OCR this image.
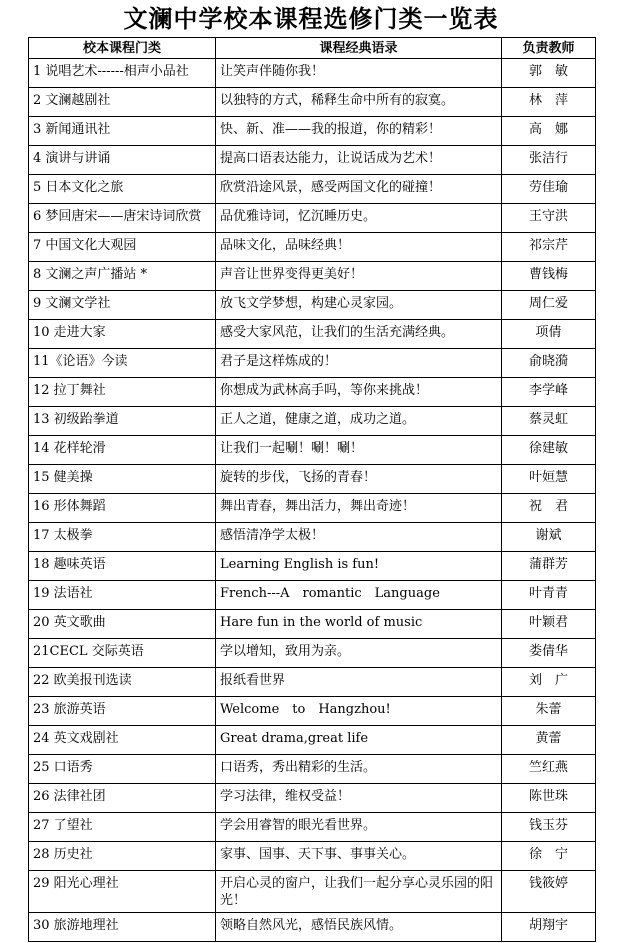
文澜中学校本课程选修门类一览表
校本课程门类	课程经典语录	负责教师
1 说唱艺术------相声小品社	让笑声伴随你我！	郭　敏
2 文澜越剧社	以独特的方式，稀释生命中所有的寂寞。	林　萍
3 新闻通讯社	快、新、准——我的报道，你的精彩！	高　娜
4 演讲与讲诵	提高口语表达能力，让说话成为艺术！	张洁行
5 日本文化之旅	欣赏沿途风景，感受两国文化的碰撞！	劳佳瑜
6 梦回唐宋——唐宋诗词欣赏	品优雅诗词，忆沉睡历史。	王守洪
7 中国文化大观园	品味文化，品味经典！	祁宗芹
8 文澜之声广播站 *	声音让世界变得更美好！	曹钱梅
9 文澜文学社	放飞文学梦想，构建心灵家园。	周仁爱
10 走进大家	感受大家风范，让我们的生活充满经典。	项倩
11《论语》今读	君子是这样炼成的！	俞晓漪
12 拉丁舞社	你想成为武林高手吗，等你来挑战！	李学峰
13 初级跆拳道	正人之道，健康之道，成功之道。	蔡灵虹
14 花样轮滑	让我们一起唰！唰！唰！	徐建敏
15 健美操	旋转的步伐，飞扬的青春！	叶姮慧
16 形体舞蹈	舞出青春，舞出活力，舞出奇迹！	祝　君
17 太极拳	感悟清净学太极！	谢斌
18 趣味英语	Learning English is fun!	蒲群芳
19 法语社	French---A　romantic　Language	叶青青
20 英文歌曲	Hare fun in the world of music	叶颖君
21CECL 交际英语	学以增知，致用为亲。	娄倩华
22 欧美报刊选读	报纸看世界	刘　广
23 旅游英语	Welcome　to　Hangzhou!	朱蕾
24 英文戏剧社	Great drama,great life	黄蕾
25 口语秀	口语秀，秀出精彩的生活。	竺红燕
26 法律社团	学习法律，维权受益！	陈世珠
27 了望社	学会用睿智的眼光看世界。	钱玉芬
28 历史社	家事、国事、天下事、事事关心。	徐　宁
29 阳光心理社	开启心灵的窗户，让我们一起分享心灵乐园的阳光！	钱筱婷
30 旅游地理社	领略自然风光，感悟民族风情。	胡翔宇
